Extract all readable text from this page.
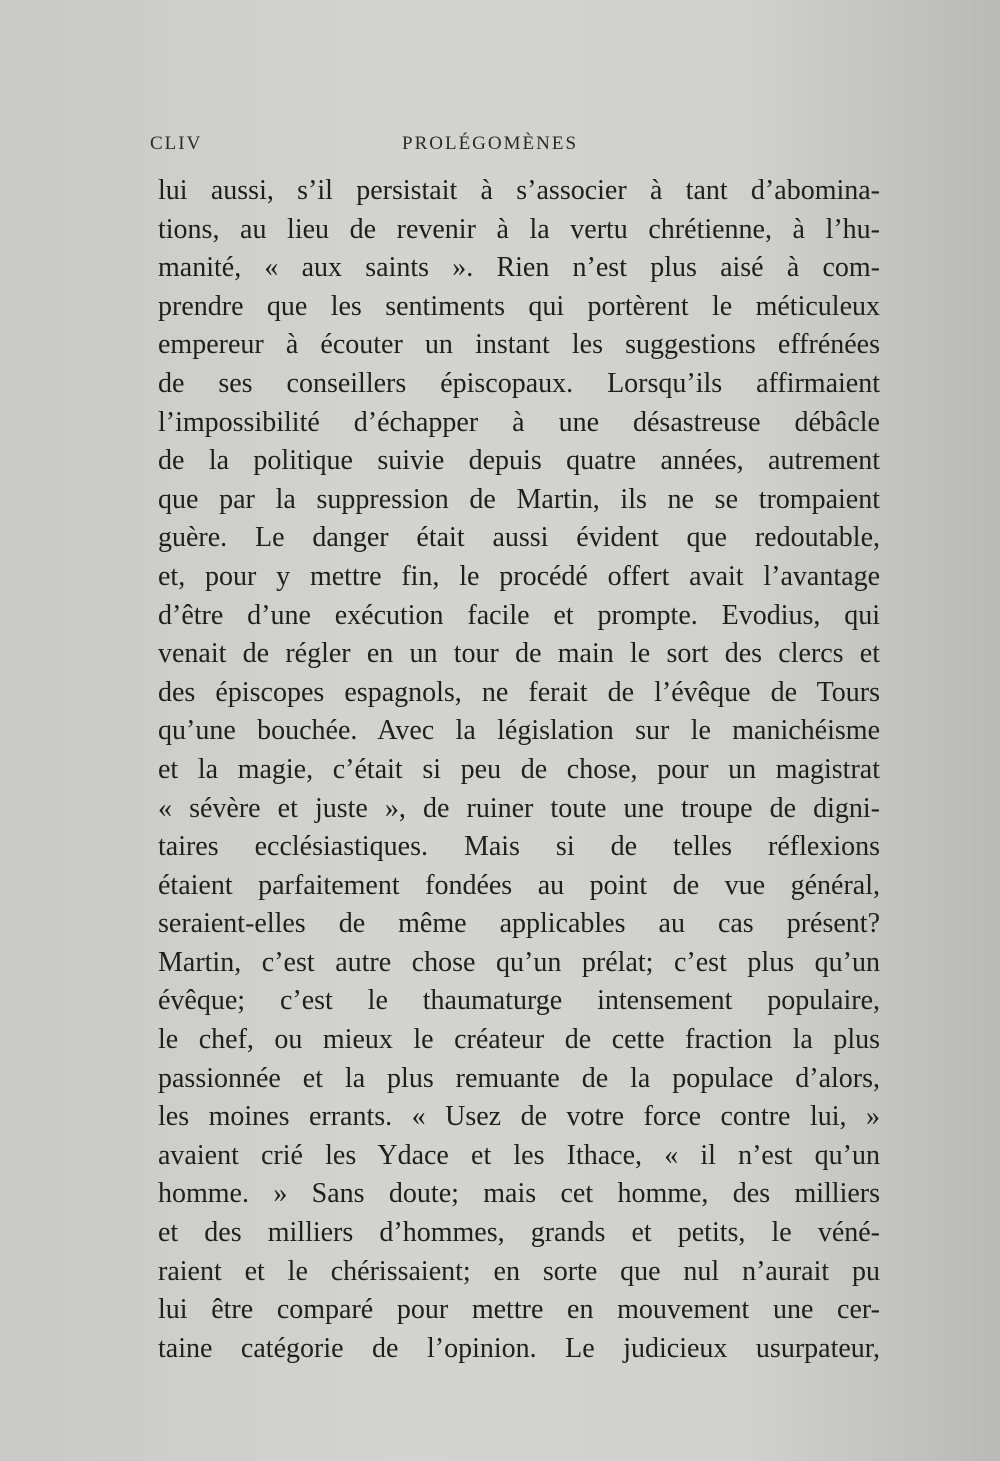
CLIV	PROLÉGOMÈNES
lui aussi, s’il persistait à s’associer à tant d’abomina-
tions, au lieu de revenir à la vertu chrétienne, à l’hu-
manité, « aux saints ». Rien n’est plus aisé à com-
prendre que les sentiments qui portèrent le méticuleux
empereur à écouter un instant les suggestions effrénées
de ses conseillers épiscopaux. Lorsqu’ils affirmaient
l’impossibilité d’échapper à une désastreuse débâcle
de la politique suivie depuis quatre années, autrement
que par la suppression de Martin, ils ne se trompaient
guère. Le danger était aussi évident que redoutable,
et, pour y mettre fin, le procédé offert avait l’avantage
d’être d’une exécution facile et prompte. Evodius, qui
venait de régler en un tour de main le sort des clercs et
des épiscopes espagnols, ne ferait de l’évêque de Tours
qu’une bouchée. Avec la législation sur le manichéisme
et la magie, c’était si peu de chose, pour un magistrat
« sévère et juste », de ruiner toute une troupe de digni-
taires ecclésiastiques. Mais si de telles réflexions
étaient parfaitement fondées au point de vue général,
seraient-elles de même applicables au cas présent?
Martin, c’est autre chose qu’un prélat; c’est plus qu’un
évêque; c’est le thaumaturge intensement populaire,
le chef, ou mieux le créateur de cette fraction la plus
passionnée et la plus remuante de la populace d’alors,
les moines errants. « Usez de votre force contre lui, »
avaient crié les Ydace et les Ithace, « il n’est qu’un
homme. » Sans doute; mais cet homme, des milliers
et des milliers d’hommes, grands et petits, le véné-
raient et le chérissaient; en sorte que nul n’aurait pu
lui être comparé pour mettre en mouvement une cer-
taine catégorie de l’opinion. Le judicieux usurpateur,
